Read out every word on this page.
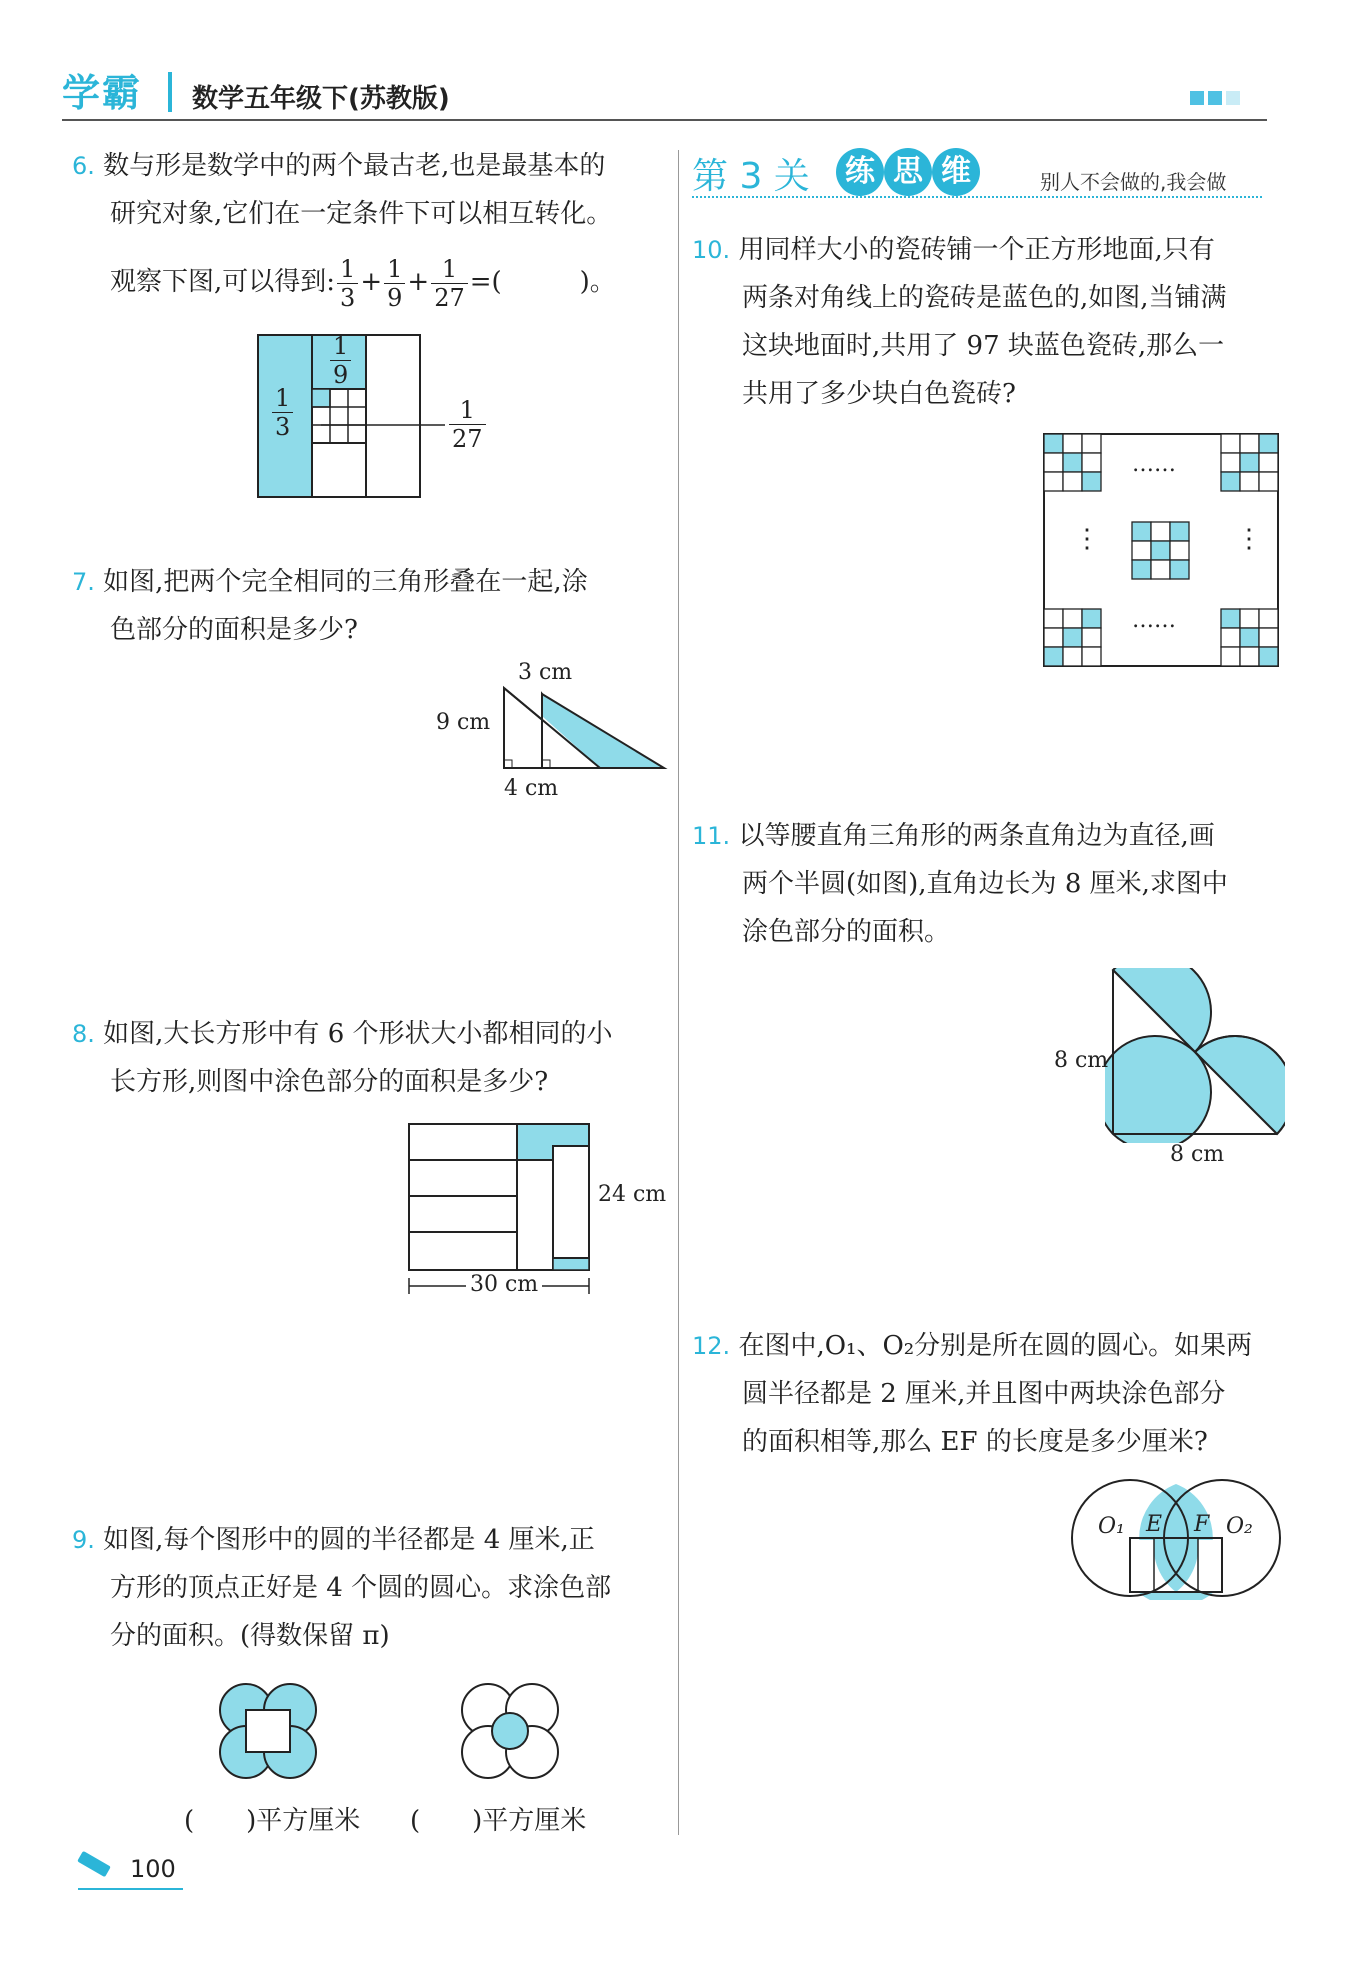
学霸 数学五年级下(苏教版)
6. 数与形是数学中的两个最古老,也是最基本的
研究对象,它们在一定条件下可以相互转化。
观察下图,可以得到: $\frac{1}{3} + \frac{1}{9} + \frac{1}{27}$ =(　　　)。
$\frac{1}{3}$
$\frac{1}{9}$
$\frac{1}{27}$
7. 如图,把两个完全相同的三角形叠在一起,涂
色部分的面积是多少?
3 cm
9 cm
4 cm
8. 如图,大长方形中有 6 个形状大小都相同的小
长方形,则图中涂色部分的面积是多少?
24 cm
30 cm
9. 如图,每个图形中的圆的半径都是 4 厘米,正
方形的顶点正好是 4 个圆的圆心。求涂色部
分的面积。(得数保留 π)
(　　)平方厘米 (　　)平方厘米
第 3 关	练 思 维	别人不会做的,我会做
10. 用同样大小的瓷砖铺一个正方形地面,只有
两条对角线上的瓷砖是蓝色的,如图,当铺满
这块地面时,共用了 97 块蓝色瓷砖,那么一
共用了多少块白色瓷砖?
……
……
⋮	⋮
11. 以等腰直角三角形的两条直角边为直径,画
两个半圆(如图),直角边长为 8 厘米,求图中
涂色部分的面积。
8 cm
8 cm
12. 在图中,O₁、O₂分别是所在圆的圆心。如果两
圆半径都是 2 厘米,并且图中两块涂色部分
的面积相等,那么 EF 的长度是多少厘米?
O₁ E F O₂
100
